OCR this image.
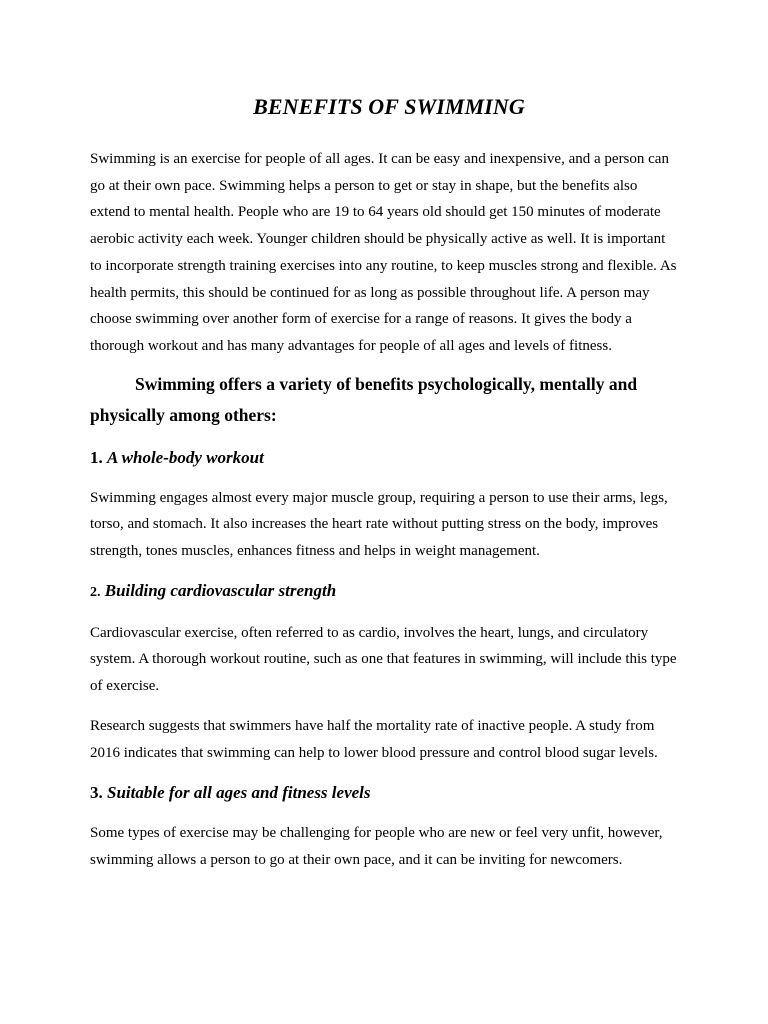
BENEFITS OF SWIMMING

Swimming is an exercise for people of all ages. It can be easy and inexpensive, and a person can go at their own pace. Swimming helps a person to get or stay in shape, but the benefits also extend to mental health. People who are 19 to 64 years old should get 150 minutes of moderate aerobic activity each week. Younger children should be physically active as well. It is important to incorporate strength training exercises into any routine, to keep muscles strong and flexible. As health permits, this should be continued for as long as possible throughout life. A person may choose swimming over another form of exercise for a range of reasons. It gives the body a thorough workout and has many advantages for people of all ages and levels of fitness.

Swimming offers a variety of benefits psychologically, mentally and physically among others:

1. A whole-body workout

Swimming engages almost every major muscle group, requiring a person to use their arms, legs, torso, and stomach. It also increases the heart rate without putting stress on the body, improves strength, tones muscles, enhances fitness and helps in weight management.

2. Building cardiovascular strength

Cardiovascular exercise, often referred to as cardio, involves the heart, lungs, and circulatory system. A thorough workout routine, such as one that features in swimming, will include this type of exercise.

Research suggests that swimmers have half the mortality rate of inactive people. A study from 2016 indicates that swimming can help to lower blood pressure and control blood sugar levels.

3. Suitable for all ages and fitness levels

Some types of exercise may be challenging for people who are new or feel very unfit, however, swimming allows a person to go at their own pace, and it can be inviting for newcomers.
